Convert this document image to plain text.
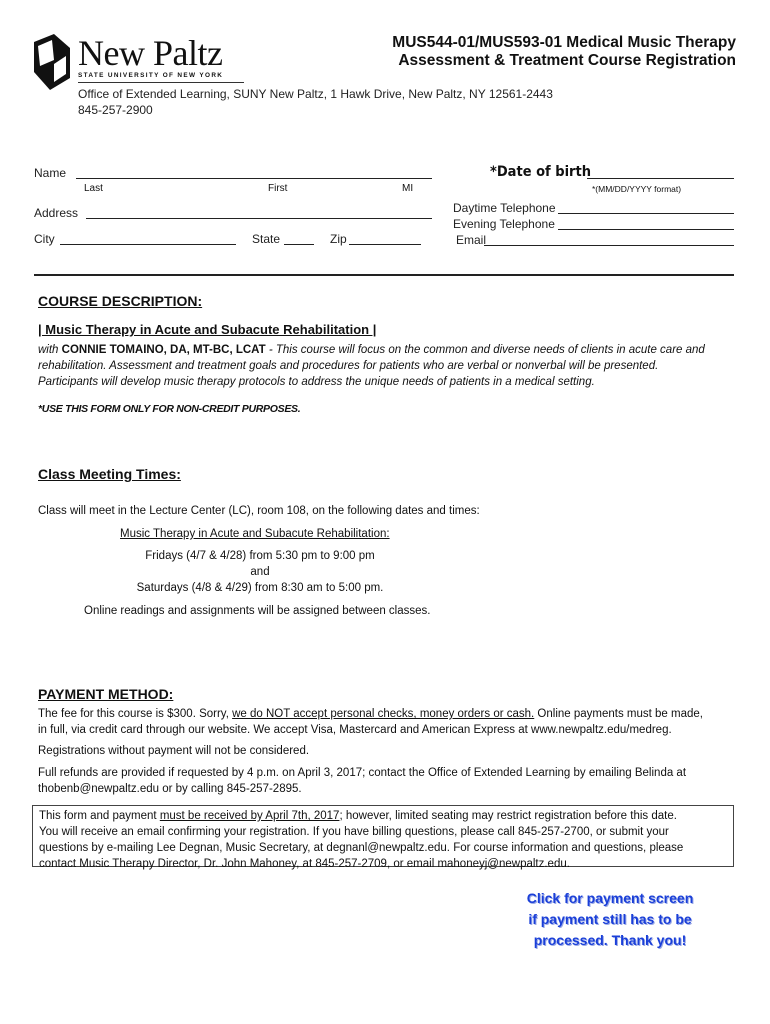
New Paltz
STATE UNIVERSITY OF NEW YORK
MUS544-01/MUS593-01 Medical Music Therapy
Assessment & Treatment Course Registration
Office of Extended Learning, SUNY New Paltz, 1 Hawk Drive, New Paltz, NY 12561-2443
845-257-2900
Name
Last	First	MI
*Date of birth
*(MM/DD/YYYY format)
Address
City	State	Zip
Daytime Telephone
Evening Telephone
Email
COURSE DESCRIPTION:
| Music Therapy in Acute and Subacute Rehabilitation |
with CONNIE TOMAINO, DA, MT-BC, LCAT - This course will focus on the common and diverse needs of clients in acute care and
rehabilitation. Assessment and treatment goals and procedures for patients who are verbal or nonverbal will be presented.
Participants will develop music therapy protocols to address the unique needs of patients in a medical setting.
*USE THIS FORM ONLY FOR NON-CREDIT PURPOSES.
Class Meeting Times:
Class will meet in the Lecture Center (LC), room 108, on the following dates and times:
Music Therapy in Acute and Subacute Rehabilitation:
Fridays (4/7 & 4/28) from 5:30 pm to 9:00 pm
and
Saturdays (4/8 & 4/29) from 8:30 am to 5:00 pm.
Online readings and assignments will be assigned between classes.
PAYMENT METHOD:
The fee for this course is $300. Sorry, we do NOT accept personal checks, money orders or cash. Online payments must be made,
in full, via credit card through our website. We accept Visa, Mastercard and American Express at www.newpaltz.edu/medreg.
Registrations without payment will not be considered.
Full refunds are provided if requested by 4 p.m. on April 3, 2017; contact the Office of Extended Learning by emailing Belinda at
thobenb@newpaltz.edu or by calling 845-257-2895.
This form and payment must be received by April 7th, 2017; however, limited seating may restrict registration before this date.
You will receive an email confirming your registration. If you have billing questions, please call 845-257-2700, or submit your
questions by e-mailing Lee Degnan, Music Secretary, at degnanl@newpaltz.edu. For course information and questions, please
contact Music Therapy Director, Dr. John Mahoney, at 845-257-2709, or email mahoneyj@newpaltz.edu.
Click for payment screen
if payment still has to be
processed. Thank you!
